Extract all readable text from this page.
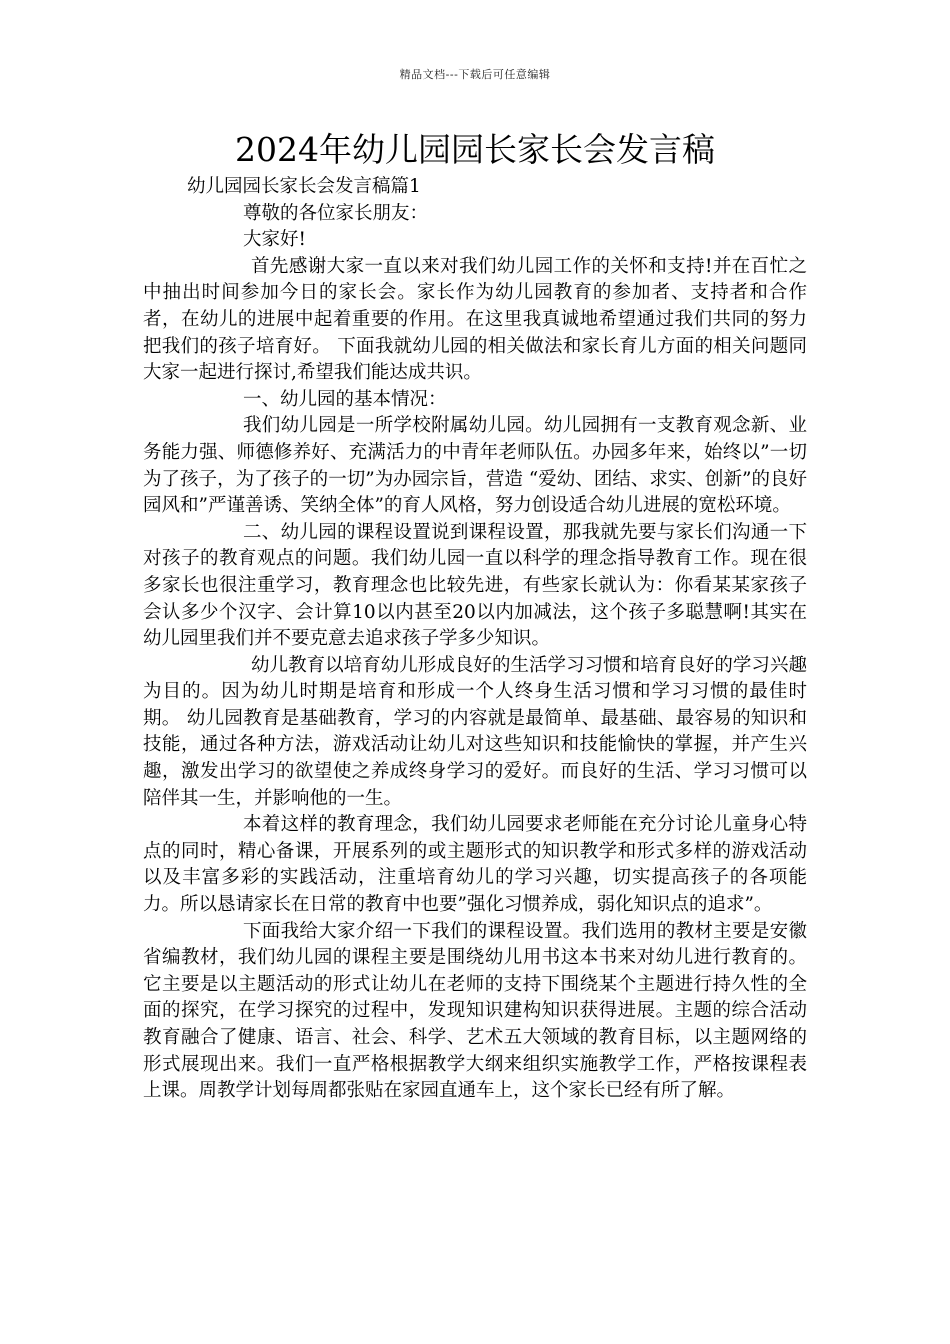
精品文档---下载后可任意编辑
2024年幼儿园园长家长会发言稿

幼儿园园长家长会发言稿篇1

尊敬的各位家长朋友：

大家好!

首先感谢大家一直以来对我们幼儿园工作的关怀和支持!并在百忙之中抽出时间参加今日的家长会。家长作为幼儿园教育的参加者、支持者和合作者，在幼儿的进展中起着重要的作用。在这里我真诚地希望通过我们共同的努力把我们的孩子培育好。 下面我就幼儿园的相关做法和家长育儿方面的相关问题同大家一起进行探讨,希望我们能达成共识。

一、幼儿园的基本情况：

我们幼儿园是一所学校附属幼儿园。幼儿园拥有一支教育观念新、业务能力强、师德修养好、充满活力的中青年老师队伍。办园多年来，始终以”一切为了孩子，为了孩子的一切”为办园宗旨，营造 “爱幼、团结、求实、创新”的良好园风和”严谨善诱、笑纳全体”的育人风格，努力创设适合幼儿进展的宽松环境。

二、幼儿园的课程设置说到课程设置，那我就先要与家长们沟通一下对孩子的教育观点的问题。我们幼儿园一直以科学的理念指导教育工作。现在很多家长也很注重学习，教育理念也比较先进，有些家长就认为：你看某某家孩子会认多少个汉字、会计算10以内甚至20以内加减法，这个孩子多聪慧啊!其实在幼儿园里我们并不要克意去追求孩子学多少知识。

幼儿教育以培育幼儿形成良好的生活学习习惯和培育良好的学习兴趣为目的。因为幼儿时期是培育和形成一个人终身生活习惯和学习习惯的最佳时期。 幼儿园教育是基础教育，学习的内容就是最简单、最基础、最容易的知识和技能，通过各种方法，游戏活动让幼儿对这些知识和技能愉快的掌握，并产生兴趣，激发出学习的欲望使之养成终身学习的爱好。而良好的生活、学习习惯可以陪伴其一生，并影响他的一生。

本着这样的教育理念，我们幼儿园要求老师能在充分讨论儿童身心特点的同时，精心备课，开展系列的或主题形式的知识教学和形式多样的游戏活动以及丰富多彩的实践活动，注重培育幼儿的学习兴趣，切实提高孩子的各项能力。所以恳请家长在日常的教育中也要”强化习惯养成，弱化知识点的追求”。

下面我给大家介绍一下我们的课程设置。我们选用的教材主要是安徽省编教材，我们幼儿园的课程主要是围绕幼儿用书这本书来对幼儿进行教育的。它主要是以主题活动的形式让幼儿在老师的支持下围绕某个主题进行持久性的全面的探究，在学习探究的过程中，发现知识建构知识获得进展。主题的综合活动教育融合了健康、语言、社会、科学、艺术五大领域的教育目标，以主题网络的形式展现出来。我们一直严格根据教学大纲来组织实施教学工作，严格按课程表上课。周教学计划每周都张贴在家园直通车上，这个家长已经有所了解。
